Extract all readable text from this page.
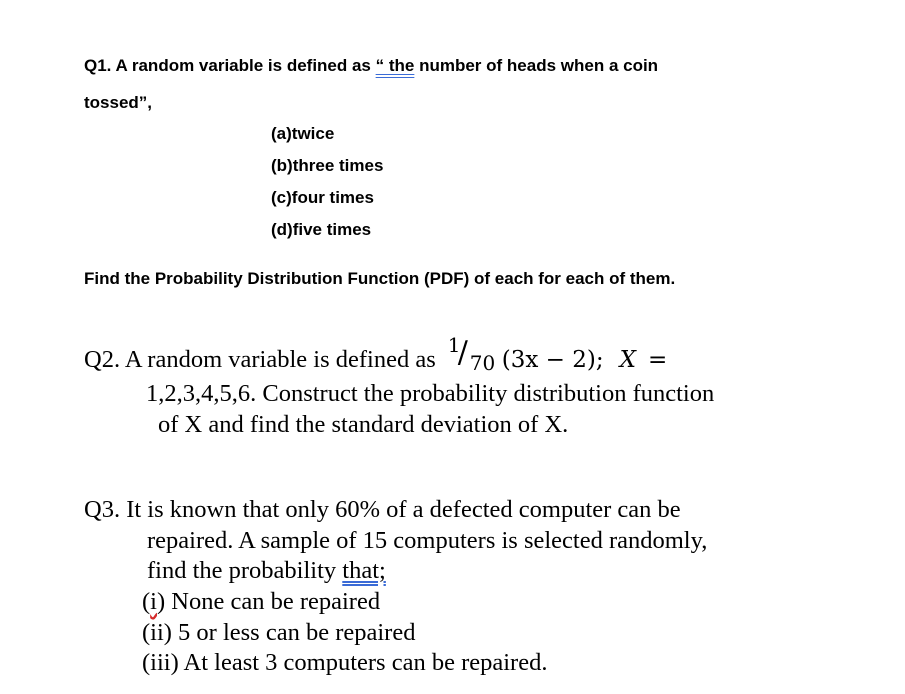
Q1. A random variable is defined as “ the number of heads when a coin
tossed”,
(a)twice
(b)three times
(c)four times
(d)five times
Find the Probability Distribution Function (PDF) of each for each of them.
Q2. A random variable is defined as
1
/ 70 (3x − 2); X =
1,2,3,4,5,6. Construct the probability distribution function
of X and find the standard deviation of X.
Q3. It is known that only 60% of a defected computer can be
repaired. A sample of 15 computers is selected randomly,
find the probability that;
(i) None can be repaired
(ii) 5 or less can be repaired
(iii) At least 3 computers can be repaired.
